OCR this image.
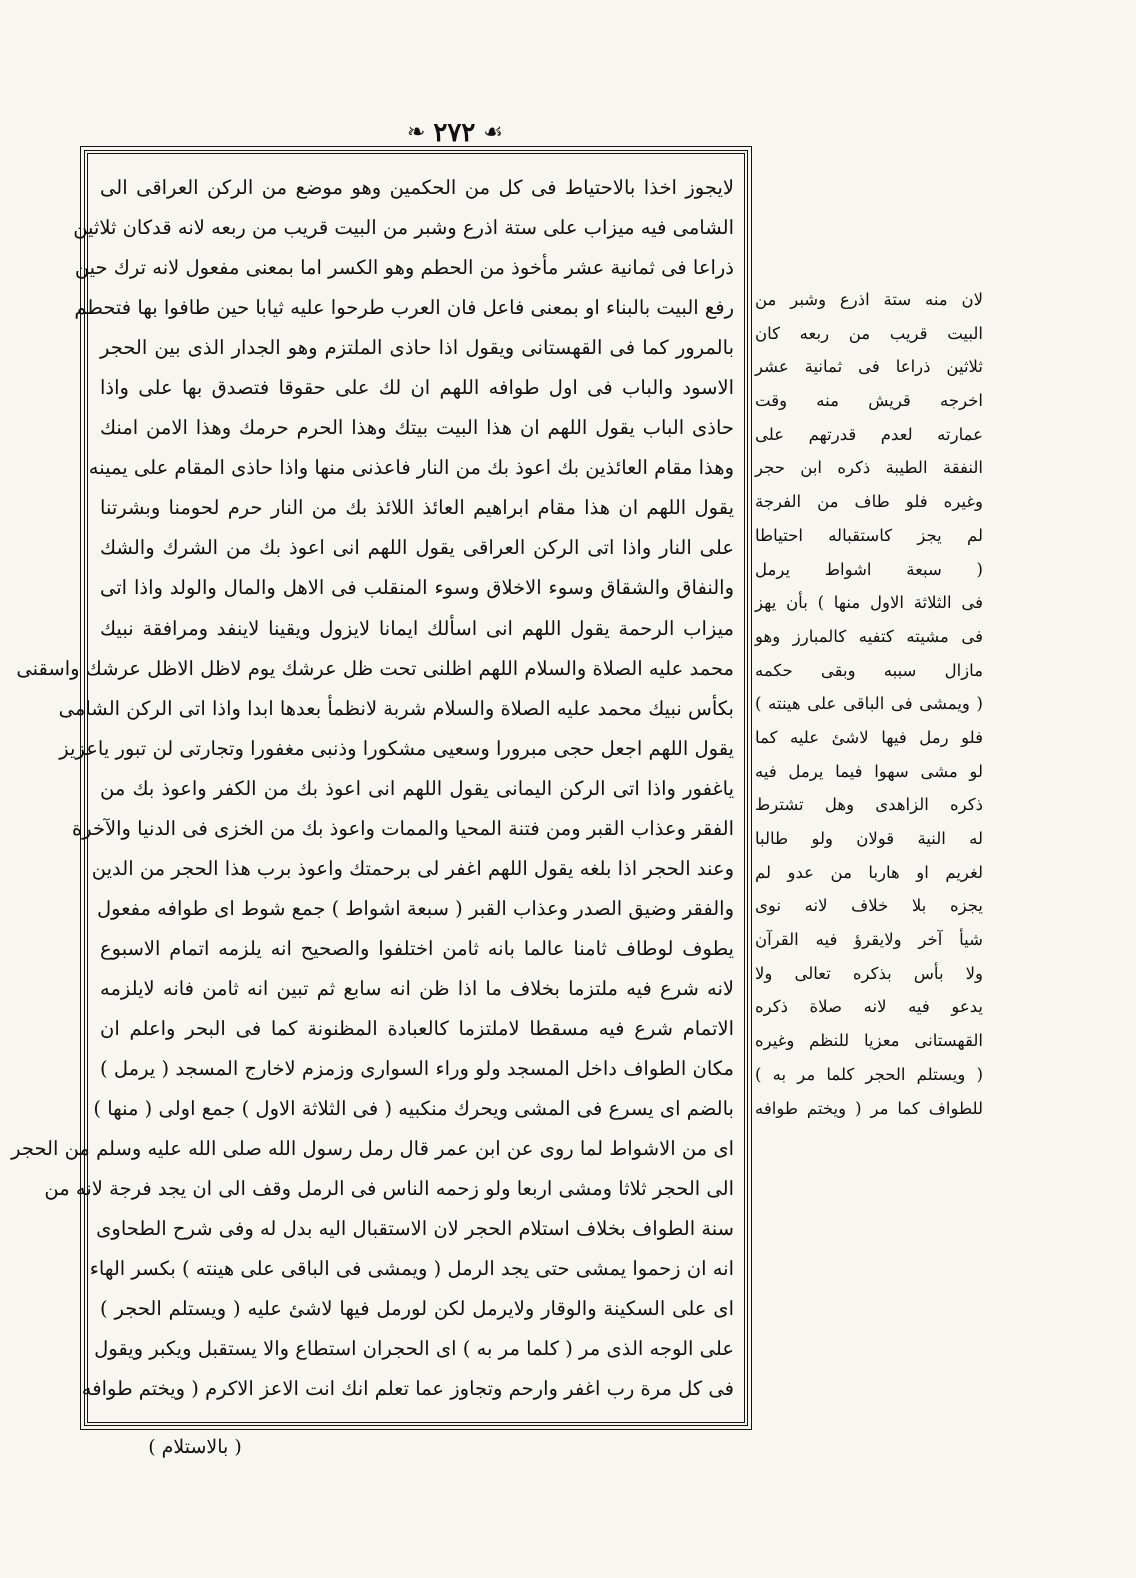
❧ ٢٧٢ ☙
لايجوز اخذا بالاحتياط فى كل من الحكمين وهو موضع من الركن العراقى الى
الشامى فيه ميزاب على ستة اذرع وشبر من البيت قريب من ربعه لانه قدكان ثلاثين
ذراعا فى ثمانية عشر مأخوذ من الحطم وهو الكسر اما بمعنى مفعول لانه ترك حين
رفع البيت بالبناء او بمعنى فاعل فان العرب طرحوا عليه ثيابا حين طافوا بها فتحطم
بالمرور كما فى القهستانى ويقول اذا حاذى الملتزم وهو الجدار الذى بين الحجر
الاسود والباب فى اول طوافه اللهم ان لك على حقوقا فتصدق بها على واذا
حاذى الباب يقول اللهم ان هذا البيت بيتك وهذا الحرم حرمك وهذا الامن امنك
وهذا مقام العائذين بك اعوذ بك من النار فاعذنى منها واذا حاذى المقام على يمينه
يقول اللهم ان هذا مقام ابراهيم العائذ اللائذ بك من النار حرم لحومنا وبشرتنا
على النار واذا اتى الركن العراقى يقول اللهم انى اعوذ بك من الشرك والشك
والنفاق والشقاق وسوء الاخلاق وسوء المنقلب فى الاهل والمال والولد واذا اتى
ميزاب الرحمة يقول اللهم انى اسألك ايمانا لايزول ويقينا لاينفد ومرافقة نبيك
محمد عليه الصلاة والسلام اللهم اظلنى تحت ظل عرشك يوم لاظل الاظل عرشك واسقنى
بكأس نبيك محمد عليه الصلاة والسلام شربة لانظمأ بعدها ابدا واذا اتى الركن الشامى
يقول اللهم اجعل حجى مبرورا وسعيى مشكورا وذنبى مغفورا وتجارتى لن تبور ياعزيز
ياغفور واذا اتى الركن اليمانى يقول اللهم انى اعوذ بك من الكفر واعوذ بك من
الفقر وعذاب القبر ومن فتنة المحيا والممات واعوذ بك من الخزى فى الدنيا والآخرة
وعند الحجر اذا بلغه يقول اللهم اغفر لى برحمتك واعوذ برب هذا الحجر من الدين
والفقر وضيق الصدر وعذاب القبر ( سبعة اشواط ) جمع شوط اى طوافه مفعول
يطوف لوطاف ثامنا عالما بانه ثامن اختلفوا والصحيح انه يلزمه اتمام الاسبوع
لانه شرع فيه ملتزما بخلاف ما اذا ظن انه سابع ثم تبين انه ثامن فانه لايلزمه
الاتمام شرع فيه مسقطا لاملتزما كالعبادة المظنونة كما فى البحر واعلم ان
مكان الطواف داخل المسجد ولو وراء السوارى وزمزم لاخارج المسجد ( يرمل )
بالضم اى يسرع فى المشى ويحرك منكبيه ( فى الثلاثة الاول ) جمع اولى ( منها )
اى من الاشواط لما روى عن ابن عمر قال رمل رسول الله صلى الله عليه وسلم من الحجر
الى الحجر ثلاثا ومشى اربعا ولو زحمه الناس فى الرمل وقف الى ان يجد فرجة لانه من
سنة الطواف بخلاف استلام الحجر لان الاستقبال اليه بدل له وفى شرح الطحاوى
انه ان زحموا يمشى حتى يجد الرمل ( ويمشى فى الباقى على هينته ) بكسر الهاء
اى على السكينة والوقار ولايرمل لكن لورمل فيها لاشئ عليه ( ويستلم الحجر )
على الوجه الذى مر ( كلما مر به ) اى الحجران استطاع والا يستقبل ويكبر ويقول
فى كل مرة رب اغفر وارحم وتجاوز عما تعلم انك انت الاعز الاكرم ( ويختم طوافه
لان منه ستة اذرع وشبر من
البيت قريب من ربعه كان
ثلاثين ذراعا فى ثمانية عشر
اخرجه قريش منه وقت
عمارته لعدم قدرتهم على
النفقة الطيبة ذكره ابن حجر
وغيره فلو طاف من الفرجة
لم يجز كاستقباله احتياطا
( سبعة اشواط يرمل
فى الثلاثة الاول منها ) بأن يهز
فى مشيته كتفيه كالمبارز وهو
مازال سببه وبقى حكمه
( ويمشى فى الباقى على هينته )
فلو رمل فيها لاشئ عليه كما
لو مشى سهوا فيما يرمل فيه
ذكره الزاهدى وهل تشترط
له النية قولان ولو طالبا
لغريم او هاربا من عدو لم
يجزه بلا خلاف لانه نوى
شيأ آخر ولايقرؤ فيه القرآن
ولا بأس بذكره تعالى ولا
يدعو فيه لانه صلاة ذكره
القهستانى معزيا للنظم وغيره
( ويستلم الحجر كلما مر به )
للطواف كما مر ( ويختم طوافه
( بالاستلام )
